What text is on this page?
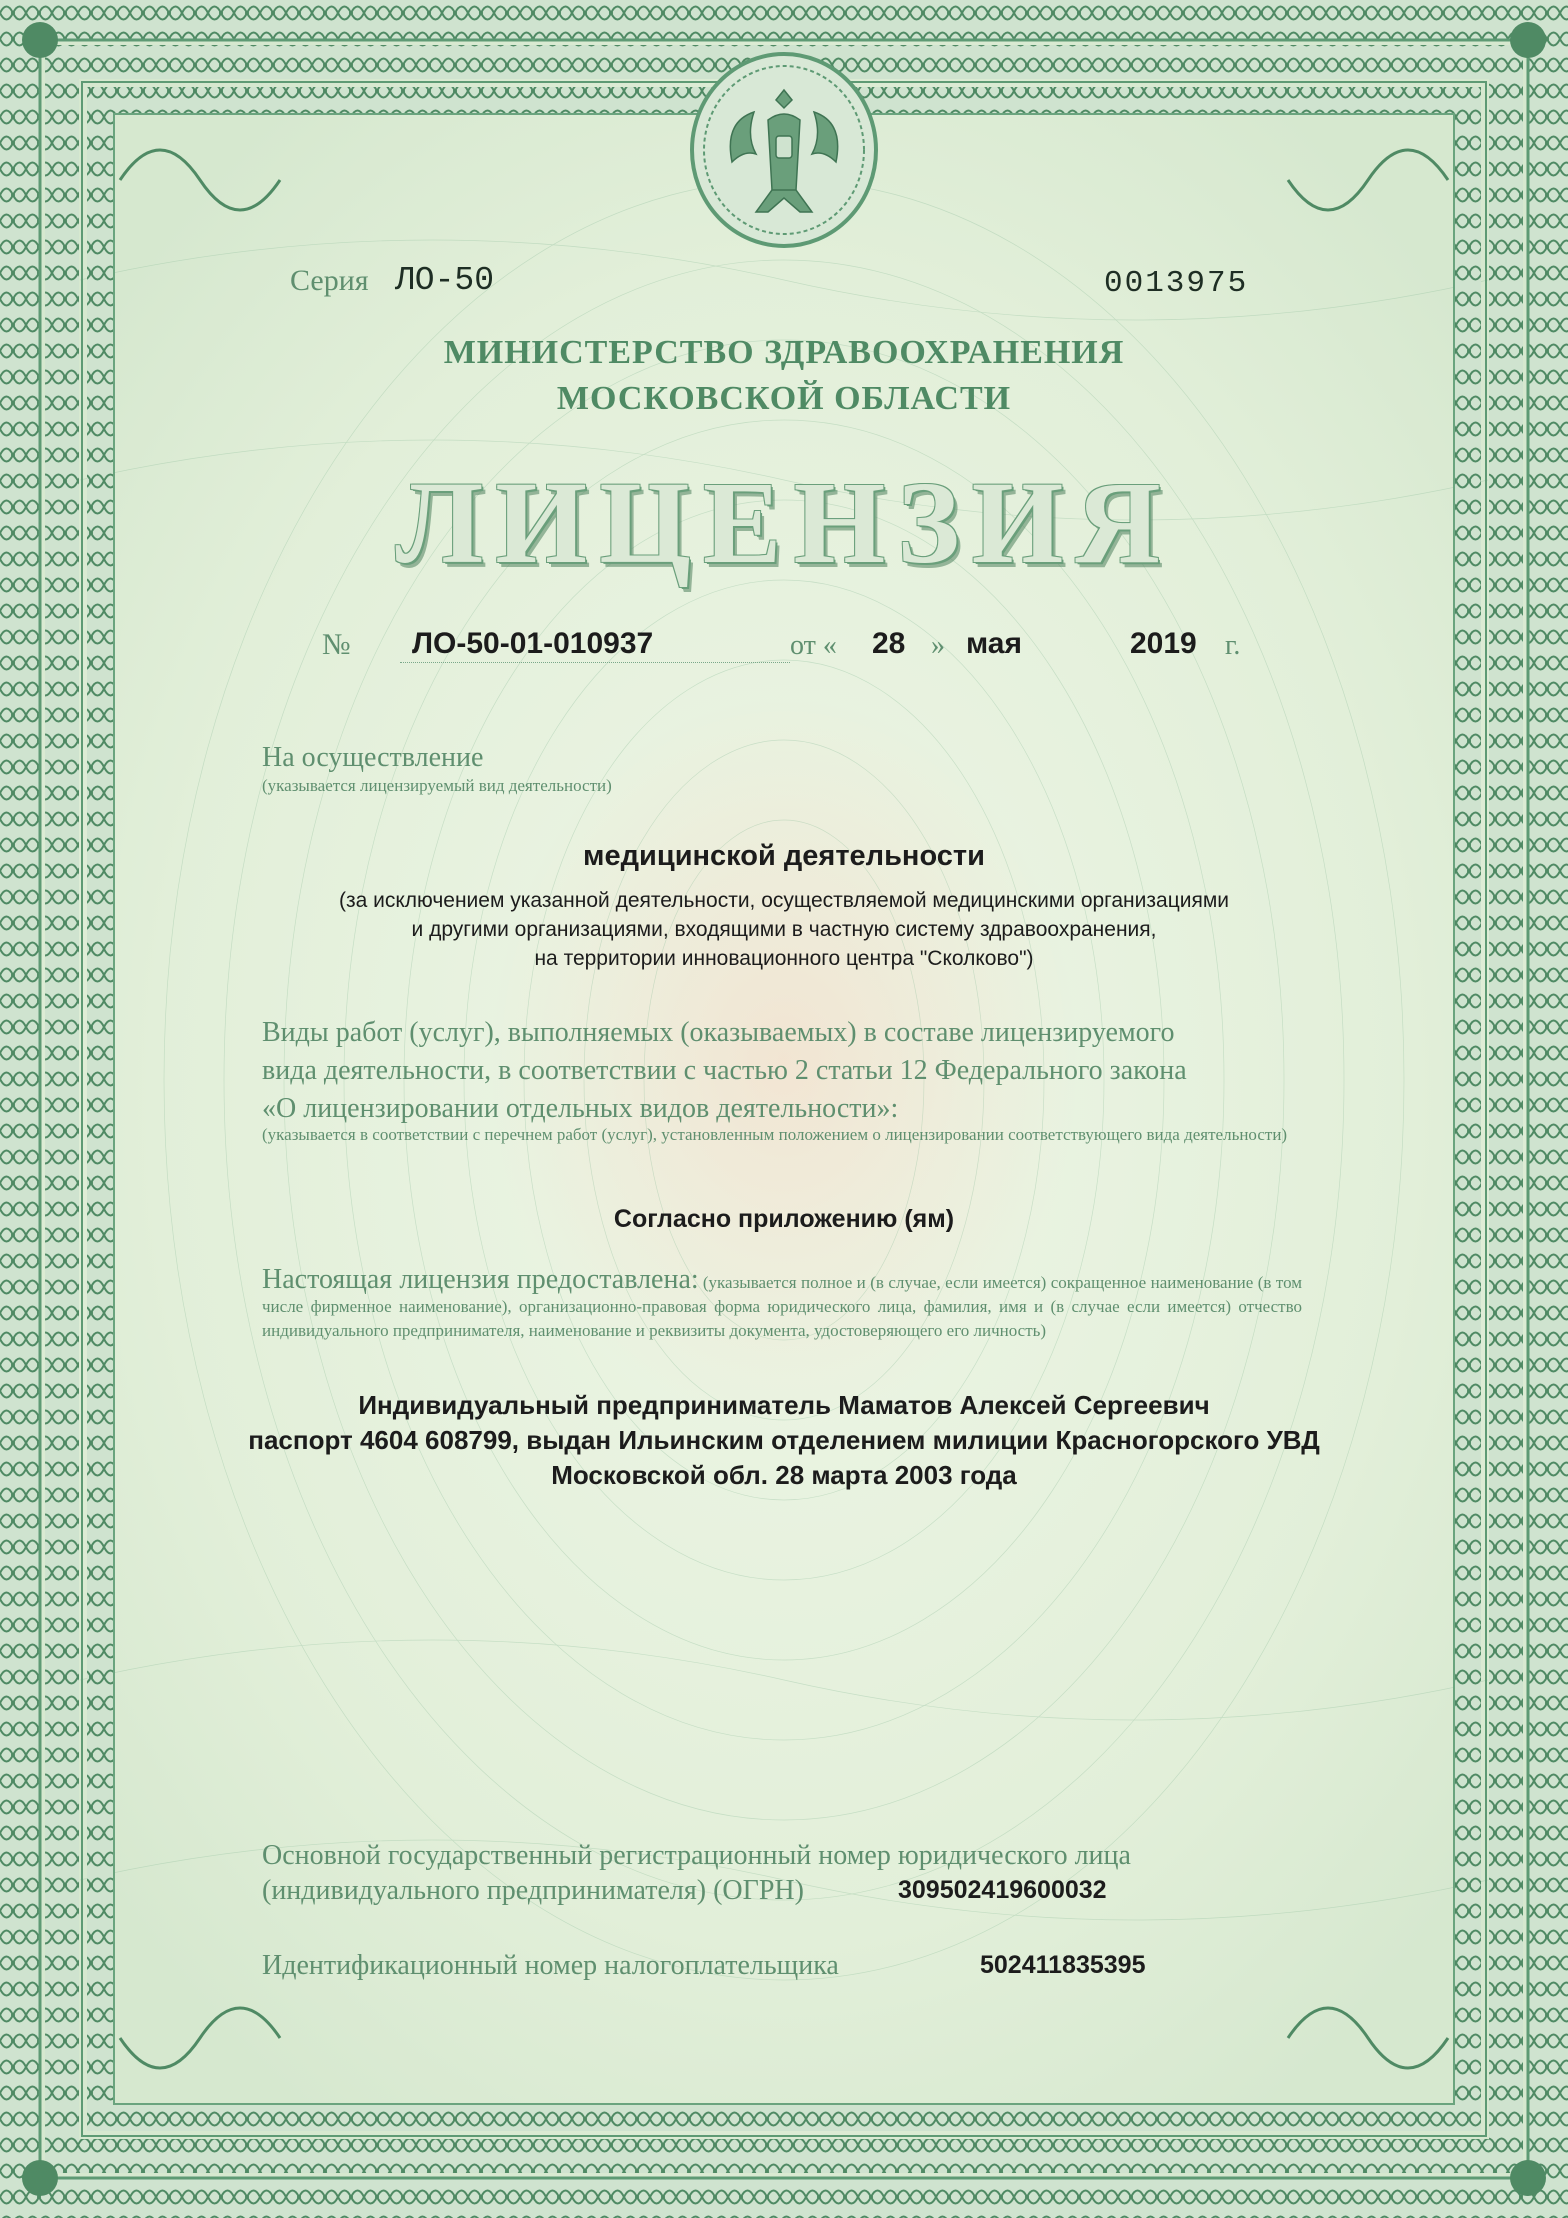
Серия ЛО-50	0013975
МИНИСТЕРСТВО ЗДРАВООХРАНЕНИЯ
МОСКОВСКОЙ ОБЛАСТИ
ЛИЦЕНЗИЯ
№ ЛО-50-01-010937	от « 28 » мая	2019 г.
На осуществление
(указывается лицензируемый вид деятельности)
медицинской деятельности
(за исключением указанной деятельности, осуществляемой медицинскими организациями
и другими организациями, входящими в частную систему здравоохранения,
на территории инновационного центра "Сколково")
Виды работ (услуг), выполняемых (оказываемых) в составе лицензируемого
вида деятельности, в соответствии с частью 2 статьи 12 Федерального закона
«О лицензировании отдельных видов деятельности»:
(указывается в соответствии с перечнем работ (услуг), установленным положением о лицензировании соответствующего вида деятельности)
Согласно приложению (ям)
Настоящая лицензия предоставлена: (указывается полное и (в случае, если имеется) сокращенное наименование (в том числе фирменное наименование), организационно-правовая форма юридического лица, фамилия, имя и (в случае если имеется) отчество индивидуального предпринимателя, наименование и реквизиты документа, удостоверяющего его личность)
Индивидуальный предприниматель Маматов Алексей Сергеевич
паспорт 4604 608799, выдан Ильинским отделением милиции Красногорского УВД
Московской обл. 28 марта 2003 года
Основной государственный регистрационный номер юридического лица
(индивидуального предпринимателя) (ОГРН)	309502419600032
Идентификационный номер налогоплательщика	502411835395
